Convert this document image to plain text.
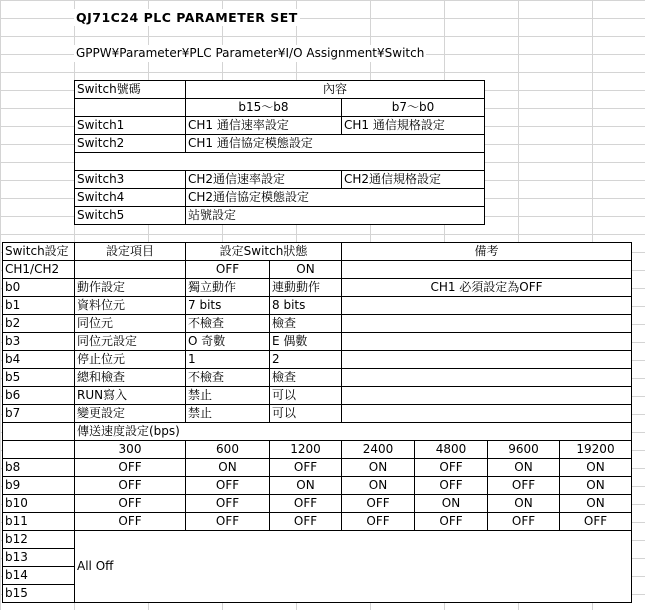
QJ71C24 PLC PARAMETER SET
GPPW¥Parameter¥PLC Parameter¥I/O Assignment¥Switch
Switch號碼	內容	
	b15～b8	b7～b0
Switch1	CH1 通信速率設定	CH1 通信規格設定
Switch2	CH1 通信協定模態設定	

Switch3	CH2通信速率設定	CH2通信規格設定
Switch4	CH2通信協定模態設定	
Switch5	站號設定	
Switch設定	設定項目	設定Switch狀態		備考			
CH1/CH2		OFF	ON				
b0	動作設定	獨立動作	連動動作	CH1 必須設定為OFF			
b1	資料位元	7 bits	8 bits				
b2	同位元	不檢查	檢查				
b3	同位元設定	O 奇數	E 偶數				
b4	停止位元	1	2				
b5	總和檢查	不檢查	檢查				
b6	RUN寫入	禁止	可以				
b7	變更設定	禁止	可以				
	傳送速度設定(bps)						
	300	600	1200	2400	4800	9600	19200
b8	OFF	ON	OFF	ON	OFF	ON	ON
b9	OFF	OFF	ON	ON	OFF	OFF	ON
b10	OFF	OFF	OFF	OFF	ON	ON	ON
b11	OFF	OFF	OFF	OFF	OFF	OFF	OFF
b12	All Off						
b13							
b14							
b15							
